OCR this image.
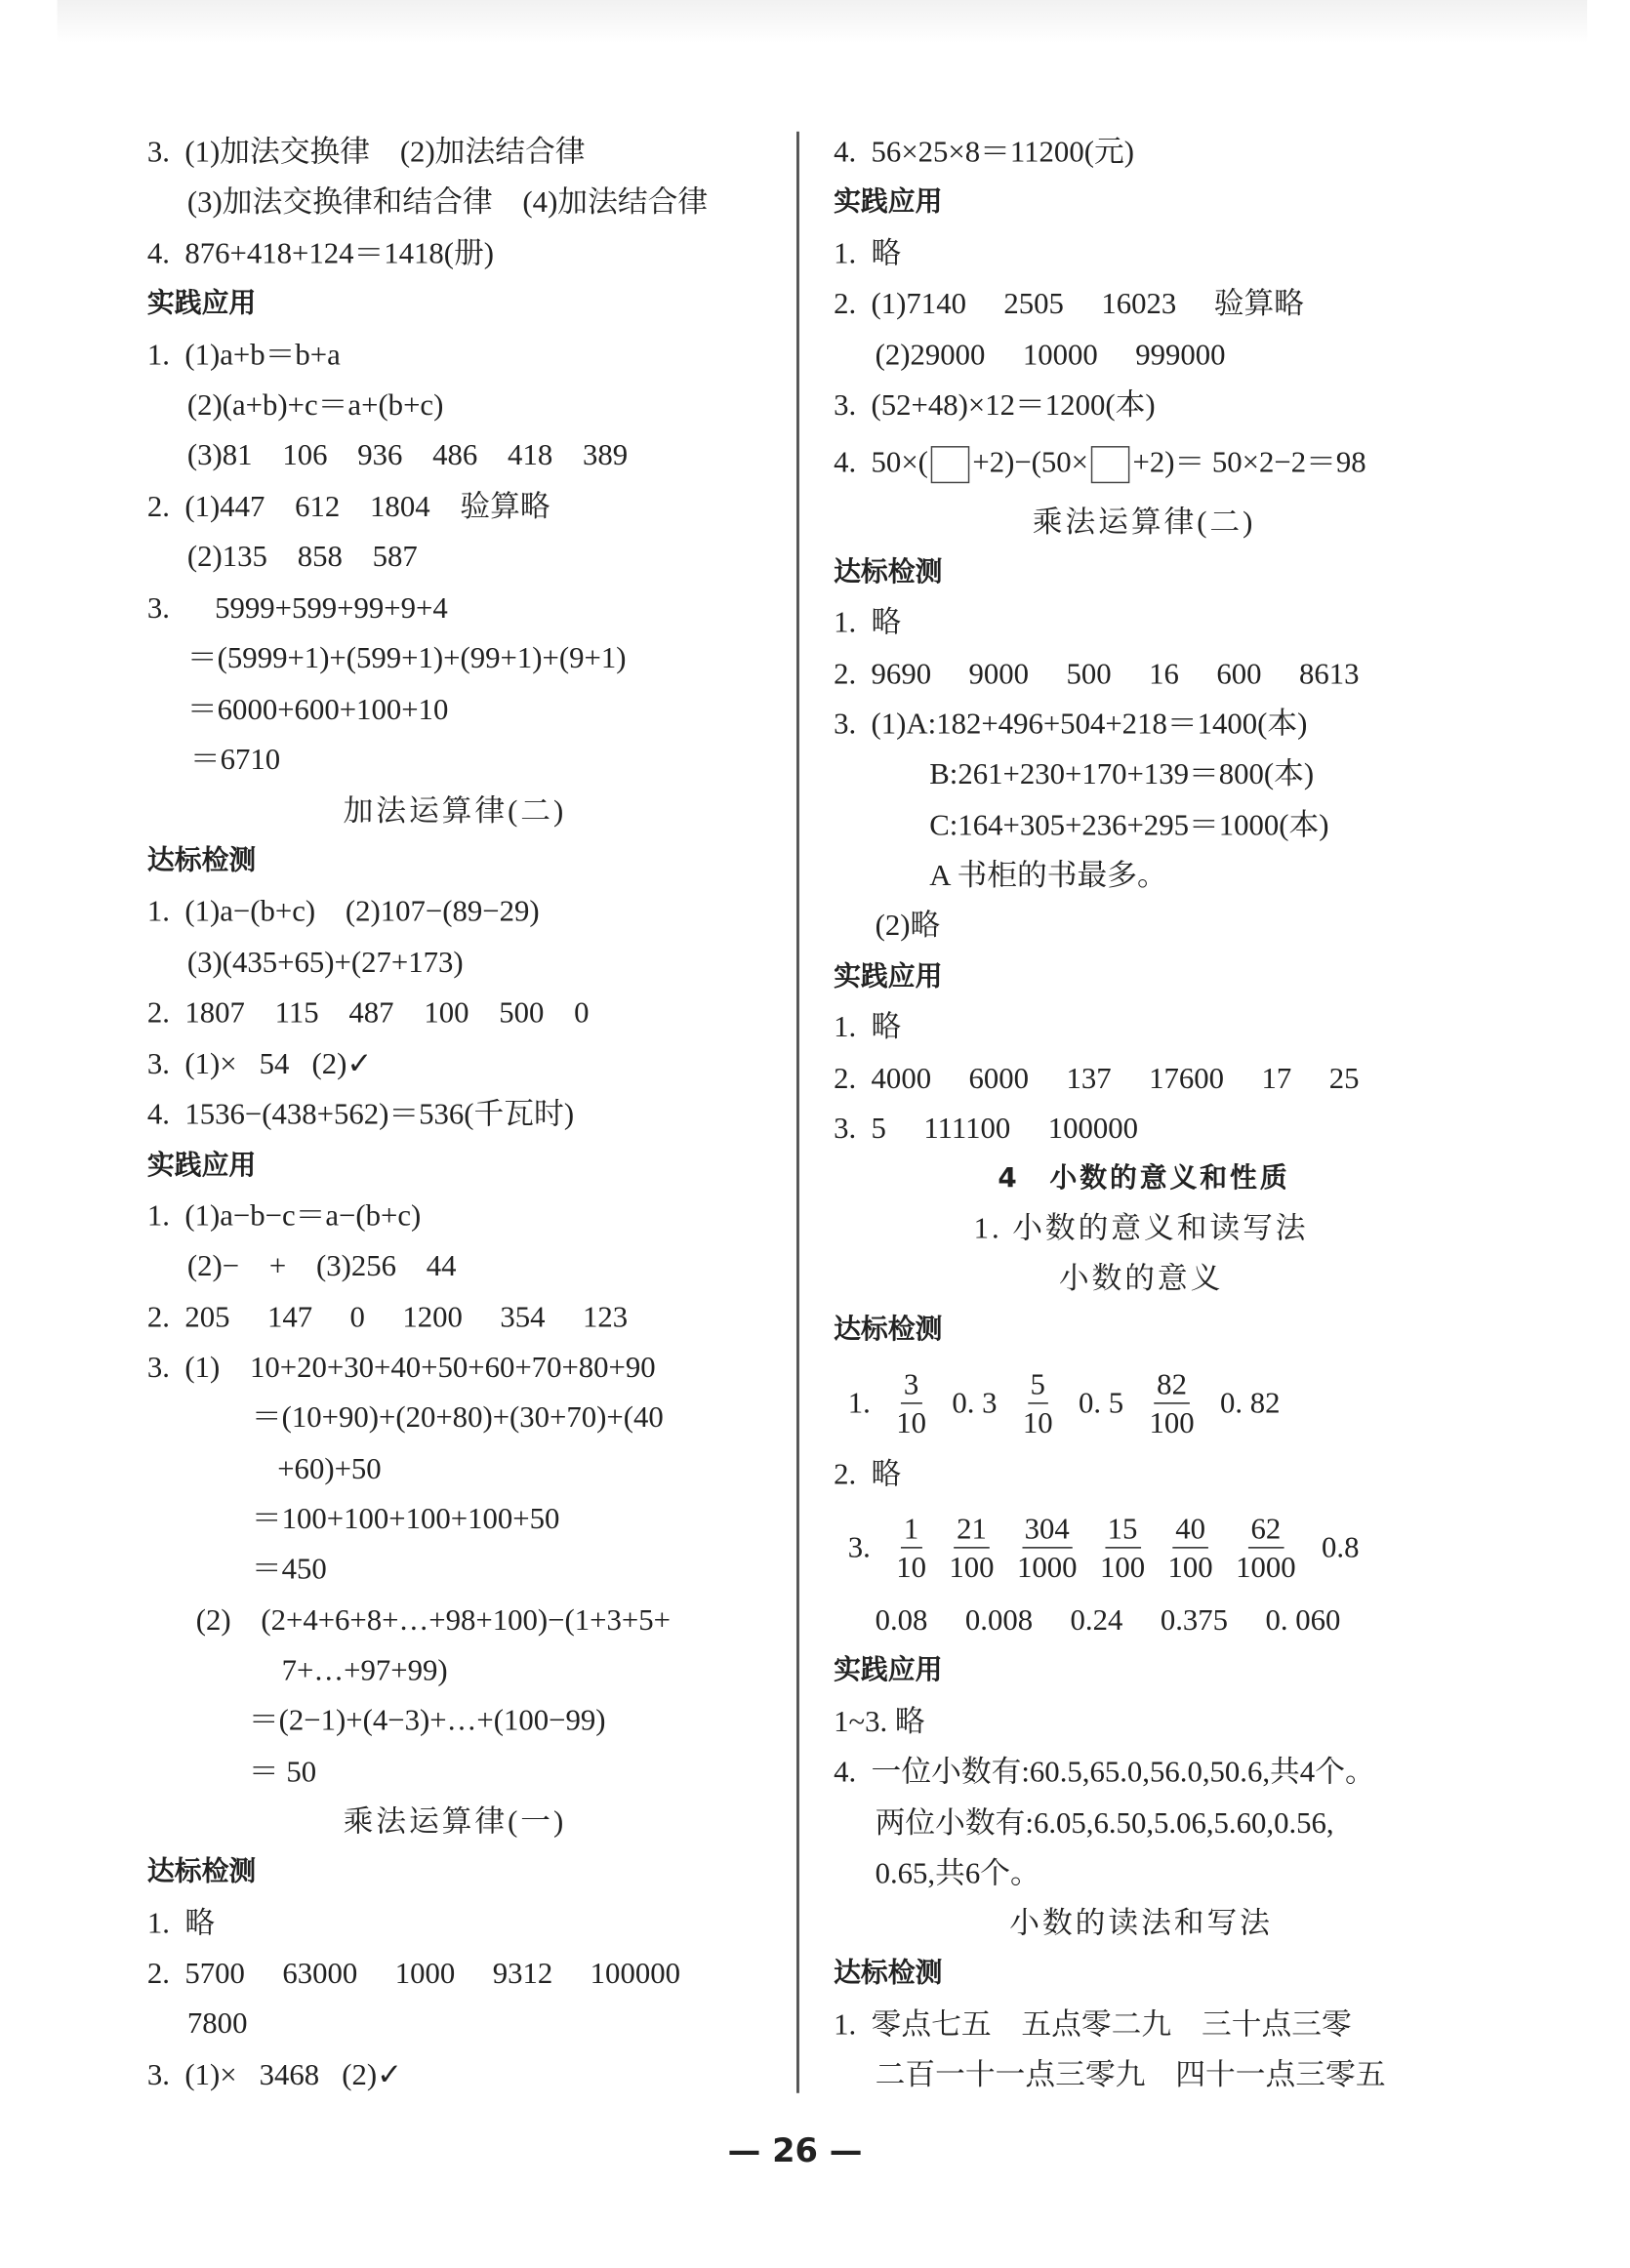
3.  (1)加法交换律　(2)加法结合律
(3)加法交换律和结合律　(4)加法结合律
4.  876+418+124＝1418(册)
实践应用
1.  (1)a+b＝b+a
(2)(a+b)+c＝a+(b+c)
(3)81    106    936    486    418    389
2.  (1)447    612    1804    验算略
(2)135    858    587
3.      5999+599+99+9+4
＝(5999+1)+(599+1)+(99+1)+(9+1)
＝6000+600+100+10
＝6710
加法运算律(二)
达标检测
1.  (1)a−(b+c)　(2)107−(89−29)
(3)(435+65)+(27+173)
2.  1807    115    487    100    500    0
3.  (1)×   54   (2)✓
4.  1536−(438+562)＝536(千瓦时)
实践应用
1.  (1)a−b−c＝a−(b+c)
(2)−    +    (3)256    44
2.  205     147     0     1200     354     123
3.  (1)    10+20+30+40+50+60+70+80+90
＝(10+90)+(20+80)+(30+70)+(40
+60)+50
＝100+100+100+100+50
＝450
(2)    (2+4+6+8+…+98+100)−(1+3+5+
7+…+97+99)
＝(2−1)+(4−3)+…+(100−99)
＝ 50
乘法运算律(一)
达标检测
1.  略
2.  5700     63000     1000     9312     100000
7800
3.  (1)×   3468   (2)✓
4.  56×25×8＝11200(元)
实践应用
1.  略
2.  (1)7140     2505     16023     验算略
(2)29000     10000     999000
3.  (52+48)×12＝1200(本)
4.  50×( +2)−(50× +2)＝ 50×2−2＝98
乘法运算律(二)
达标检测
1.  略
2.  9690     9000     500     16     600     8613
3.  (1)A:182+496+504+218＝1400(本)
B:261+230+170+139＝800(本)
C:164+305+236+295＝1000(本)
A 书柜的书最多。
(2)略
实践应用
1.  略
2.  4000     6000     137     17600     17     25
3.  5     111100     100000
4　小数的意义和性质
1. 小数的意义和读写法
小数的意义
达标检测
1. $\frac{3}{10} 0$. $3 \frac{5}{10} 0$. $5 \frac{82}{100} 0$. 82
2.  略
3. $\frac{1}{10} \frac{21}{100} \frac{304}{1000} \frac{15}{100} \frac{40}{100} \frac{62}{1000} 0.8$
0.08     0.008     0.24     0.375     0. 060
实践应用
1~3. 略
4.  一位小数有:60.5,65.0,56.0,50.6,共4个。
两位小数有:6.05,6.50,5.06,5.60,0.56,
0.65,共6个。
小数的读法和写法
达标检测
1.  零点七五　五点零二九　三十点三零
二百一十一点三零九　四十一点三零五
— 26 —
